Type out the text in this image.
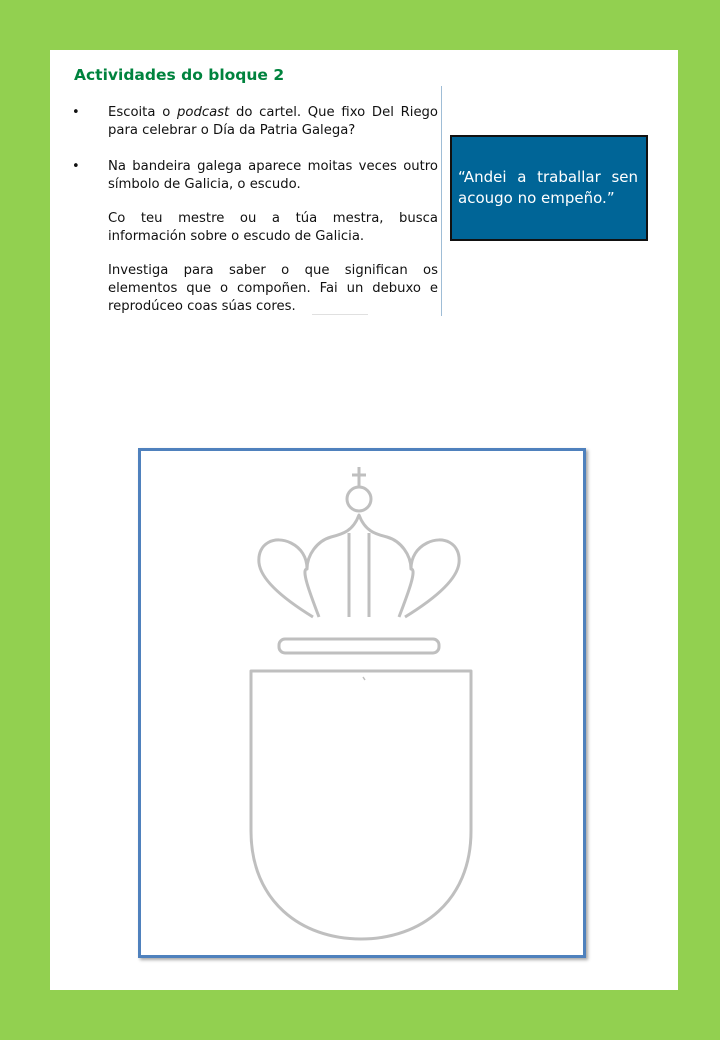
Actividades do bloque 2
• Escoita o podcast do cartel. Que fixo Del Riego para celebrar o Día da Patria Galega?

• Na bandeira galega aparece moitas veces outro símbolo de Galicia, o escudo.

Co teu mestre ou a túa mestra, busca información sobre o escudo de Galicia.

Investiga para saber o que significan os elementos que o compoñen. Fai un debuxo e reprodúceo coas súas cores.

“Andei a traballar sen acougo no empeño.”
